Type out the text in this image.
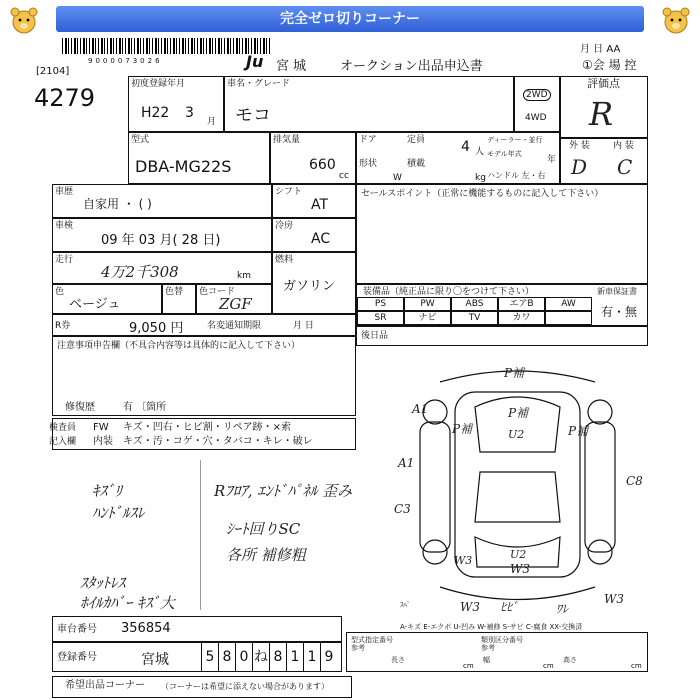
完全ゼロ切りコーナー
9000073026	Ju 宮 城	オークション出品申込書
月 日 AA
①会 場 控
[2104]
4279	初度登録年月
H22 3
月
車名・グレード
モコ
2WD
4WD
評価点
R
型式
DBA-MG22S
排気量
660
cc
ドア	定員	4 人
ディーラー・並行
モデル年式
年
形状
W
積載
kg ハンドル 左・右
外 装	内 装
D C
車歴
自家用 ・ ( )
シフト
AT
セールスポイント（正常に機能するものに記入して下さい）
車検
09 年 03 月( 28 日)
冷房
AC
走行
4万2千308	km
燃料
ガソリン
色
ベージュ
色替 色コード
ZGF
装備品（純正品に限り〇をつけて下さい）	新車保証書
有・無
PS	PW	ABS	エアB	AW
SR	ナビ	TV	カワ
R券	9,050 円	名変通知期限	月 日
後日品
注意事項申告欄（不具合内容等は具体的に記入して下さい）
修復歴	有 〔箇所
検査員
記入欄
FW キズ・凹右・ヒビ割・リペア跡・×索
内装 キズ・汚・コゲ・穴・タバコ・キレ・破レ
ｷｽﾞﾘ
ﾊﾝﾄﾞﾙｽﾚ
ｽﾀｯﾄﾚｽ
ﾎｲﾙｶﾊﾞｰ ｷｽﾞ大
Rﾌﾛｱ, ｴﾝﾄﾞﾊﾟﾈﾙ 歪み
ｼｰﾄ回りSC
各所 補修粗
P補
P補
A1
P補	U2	P補
A1
C8
C3
W3	U2
W3
W3 ﾋﾋﾞ
ｽﾍﾟ	ﾜﾚ
W3
A-キズ E-エクボ U-凹み W-補修 S-サビ C-腐食 XX-交換済
車台番号 356854
登録番号	宮城	5 8 0 ね 8 1 1 9
型式指定番号
参考
類別区分番号
参考
長さ
cm
幅
cm
高さ
cm
希望出品コーナー （コーナーは希望に添えない場合があります）
